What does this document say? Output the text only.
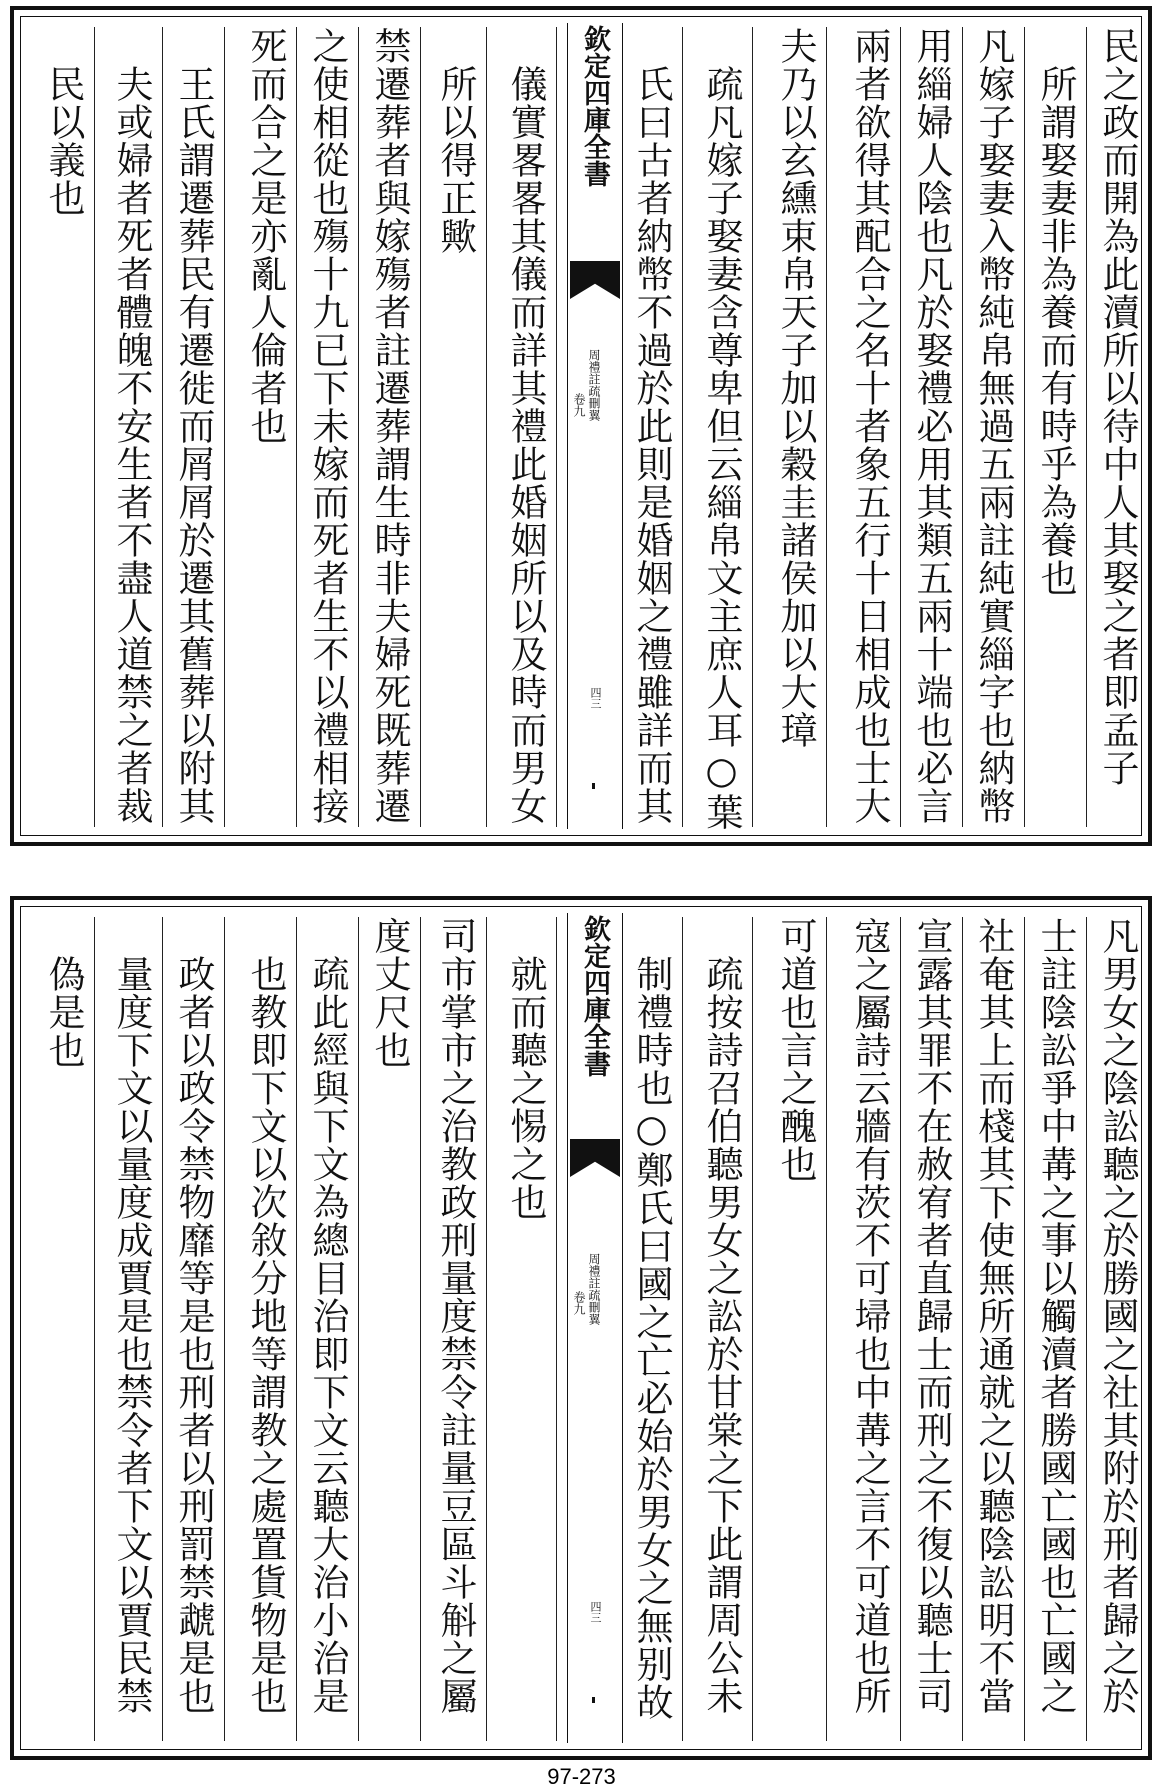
民之政而開為此瀆所以待中人其娶之者即孟子
所謂娶妻非為養而有時乎為養也
凡嫁子娶妻入幣純帛無過五兩註純實緇字也納幣
用緇婦人陰也凡於娶禮必用其類五兩十端也必言
兩者欲得其配合之名十者象五行十日相成也士大
夫乃以玄纁束帛天子加以穀圭諸侯加以大璋
疏凡嫁子娶妻含尊卑但云緇帛文主庶人耳○葉
氏曰古者納幣不過於此則是婚姻之禮雖詳而其
欽定四庫全書
周禮註疏刪翼
卷九
四三
儀實畧畧其儀而詳其禮此婚姻所以及時而男女
所以得正歟
禁遷葬者與嫁殤者註遷葬謂生時非夫婦死既葬遷
之使相從也殤十九已下未嫁而死者生不以禮相接
死而合之是亦亂人倫者也
王氏謂遷葬民有遷徙而屑屑於遷其舊葬以附其
夫或婦者死者體魄不安生者不盡人道禁之者裁
民以義也
凡男女之陰訟聽之於勝國之社其附於刑者歸之於
士註陰訟爭中冓之事以觸瀆者勝國亡國也亡國之
社奄其上而棧其下使無所通就之以聽陰訟明不當
宣露其罪不在赦宥者直歸士而刑之不復以聽士司
寇之屬詩云牆有茨不可埽也中冓之言不可道也所
可道也言之醜也
疏按詩召伯聽男女之訟於甘棠之下此謂周公未
制禮時也○鄭氏曰國之亡必始於男女之無别故
欽定四庫全書
周禮註疏刪翼
卷九
四三
就而聽之惕之也
司市掌市之治教政刑量度禁令註量豆區斗斛之屬
度丈尺也
疏此經與下文為總目治即下文云聽大治小治是
也教即下文以次敘分地等謂教之處置貨物是也
政者以政令禁物靡等是也刑者以刑罰禁虣是也
量度下文以量度成賈是也禁令者下文以賈民禁
偽是也
97-273
